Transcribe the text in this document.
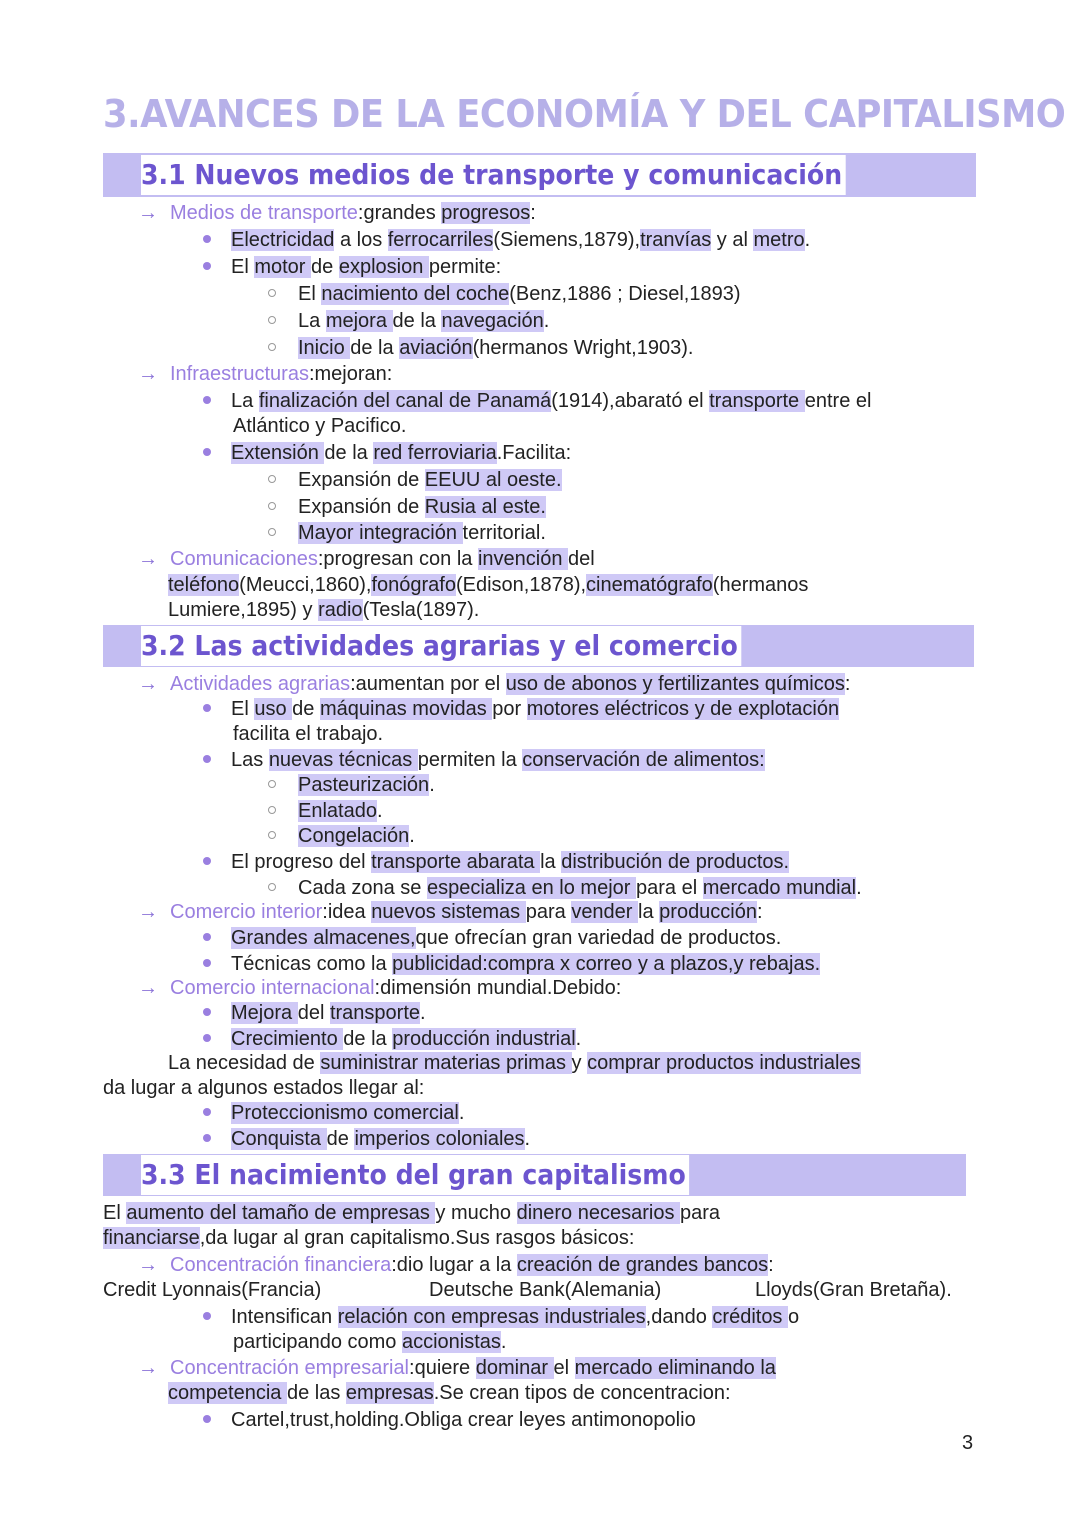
3.AVANCES DE LA ECONOMÍA Y DEL CAPITALISMO
3.1 Nuevos medios de transporte y comunicación
→ Medios de transporte:grandes progresos:
Electricidad a los ferrocarriles(Siemens,1879),tranvías y al metro.
El motor de explosion permite:
El nacimiento del coche(Benz,1886 ; Diesel,1893)
La mejora de la navegación.
Inicio de la aviación(hermanos Wright,1903).
→ Infraestructuras:mejoran:
La finalización del canal de Panamá(1914),abarató el transporte entre el
Atlántico y Pacifico.
Extensión de la red ferroviaria.Facilita:
Expansión de EEUU al oeste.
Expansión de Rusia al este.
Mayor integración territorial.
→ Comunicaciones:progresan con la invención del
teléfono(Meucci,1860),fonógrafo(Edison,1878),cinematógrafo(hermanos
Lumiere,1895) y radio(Tesla(1897).
3.2 Las actividades agrarias y el comercio
→ Actividades agrarias:aumentan por el uso de abonos y fertilizantes químicos:
El uso de máquinas movidas por motores eléctricos y de explotación
facilita el trabajo.
Las nuevas técnicas permiten la conservación de alimentos:
Pasteurización.
Enlatado.
Congelación.
El progreso del transporte abarata la distribución de productos.
Cada zona se especializa en lo mejor para el mercado mundial.
→ Comercio interior:idea nuevos sistemas para vender la producción:
Grandes almacenes,que ofrecían gran variedad de productos.
Técnicas como la publicidad:compra x correo y a plazos,y rebajas.
→ Comercio internacional:dimensión mundial.Debido:
Mejora del transporte.
Crecimiento de la producción industrial.
La necesidad de suministrar materias primas y comprar productos industriales
da lugar a algunos estados llegar al:
Proteccionismo comercial.
Conquista de imperios coloniales.
3.3 El nacimiento del gran capitalismo
El aumento del tamaño de empresas y mucho dinero necesarios para
financiarse,da lugar al gran capitalismo.Sus rasgos básicos:
→ Concentración financiera:dio lugar a la creación de grandes bancos:
Credit Lyonnais(Francia)	Deutsche Bank(Alemania)	Lloyds(Gran Bretaña).
Intensifican relación con empresas industriales,dando créditos o
participando como accionistas.
→ Concentración empresarial:quiere dominar el mercado eliminando la
competencia de las empresas.Se crean tipos de concentracion:
Cartel,trust,holding.Obliga crear leyes antimonopolio
3
